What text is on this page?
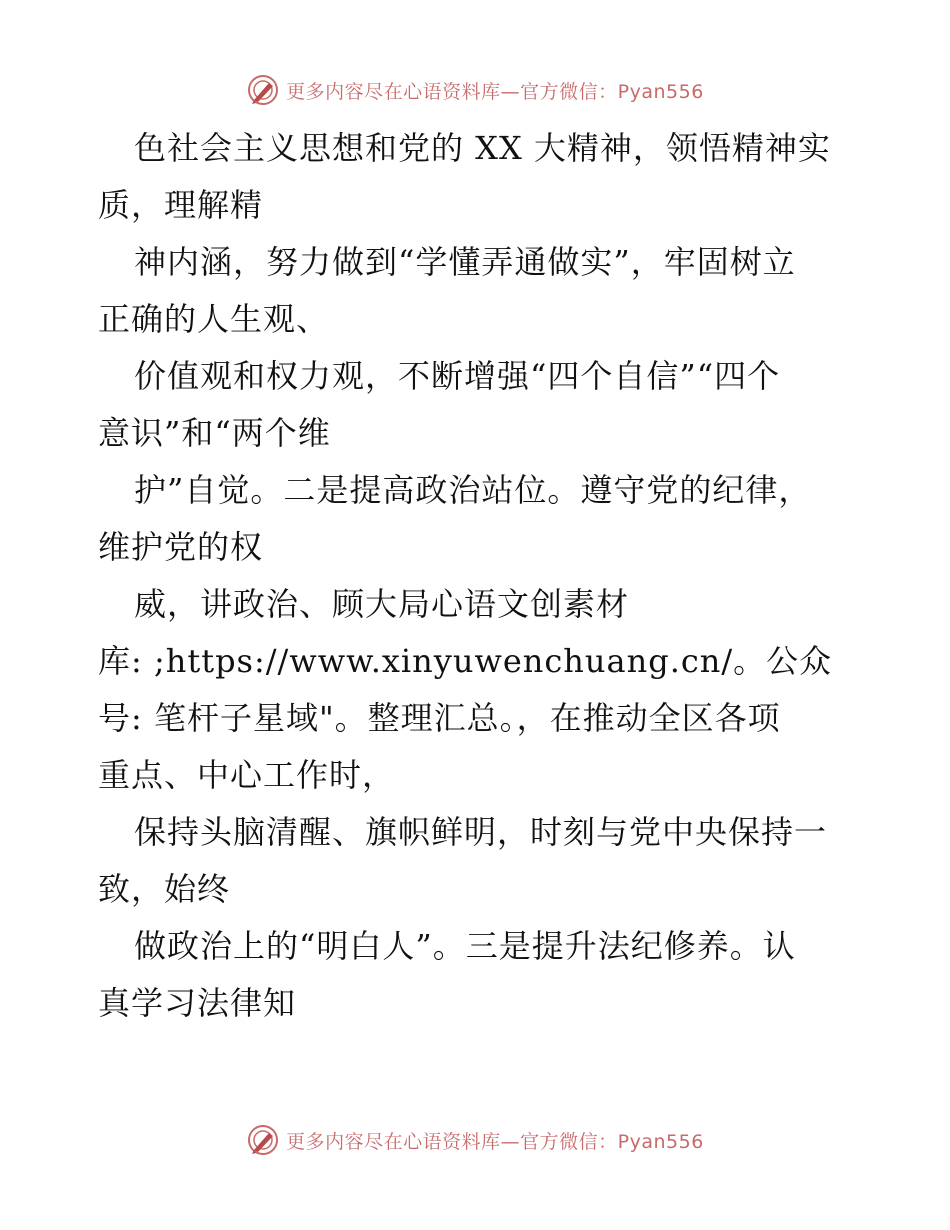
更多内容尽在心语资料库—官方微信：Pyan556
色社会主义思想和党的 XX 大精神，领悟精神实
质，理解精
神内涵，努力做到“学懂弄通做实”，牢固树立
正确的人生观、
价值观和权力观，不断增强“四个自信”“四个
意识”和“两个维
护”自觉。二是提高政治站位。遵守党的纪律，
维护党的权
威，讲政治、顾大局心语文创素材
库: ;https://www.xinyuwenchuang.cn/。公众
号: 笔杆子星域"。整理汇总。，在推动全区各项
重点、中心工作时，
保持头脑清醒、旗帜鲜明，时刻与党中央保持一
致，始终
做政治上的“明白人”。三是提升法纪修养。认
真学习法律知
更多内容尽在心语资料库—官方微信：Pyan556
